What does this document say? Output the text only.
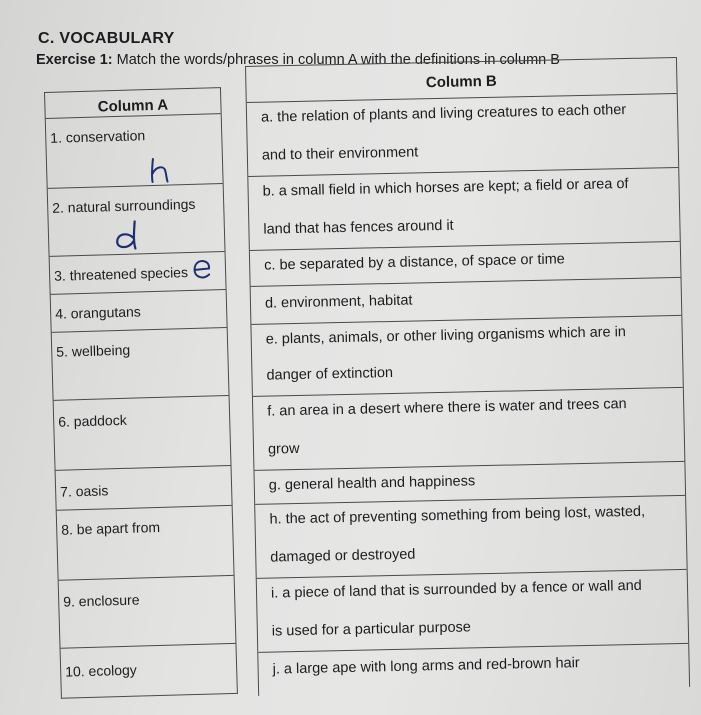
C. VOCABULARY
Exercise 1: Match the words/phrases in column A with the definitions in column B
Column A
1. conservation
2. natural surroundings
3. threatened species
4. orangutans
5. wellbeing
6. paddock
7. oasis
8. be apart from
9. enclosure
10. ecology
Column B
a. the relation of plants and living creatures to each other
and to their environment
b. a small field in which horses are kept; a field or area of
land that has fences around it
c. be separated by a distance, of space or time
d. environment, habitat
e. plants, animals, or other living organisms which are in
danger of extinction
f. an area in a desert where there is water and trees can
grow
g. general health and happiness
h. the act of preventing something from being lost, wasted,
damaged or destroyed
i. a piece of land that is surrounded by a fence or wall and
is used for a particular purpose
j. a large ape with long arms and red-brown hair
